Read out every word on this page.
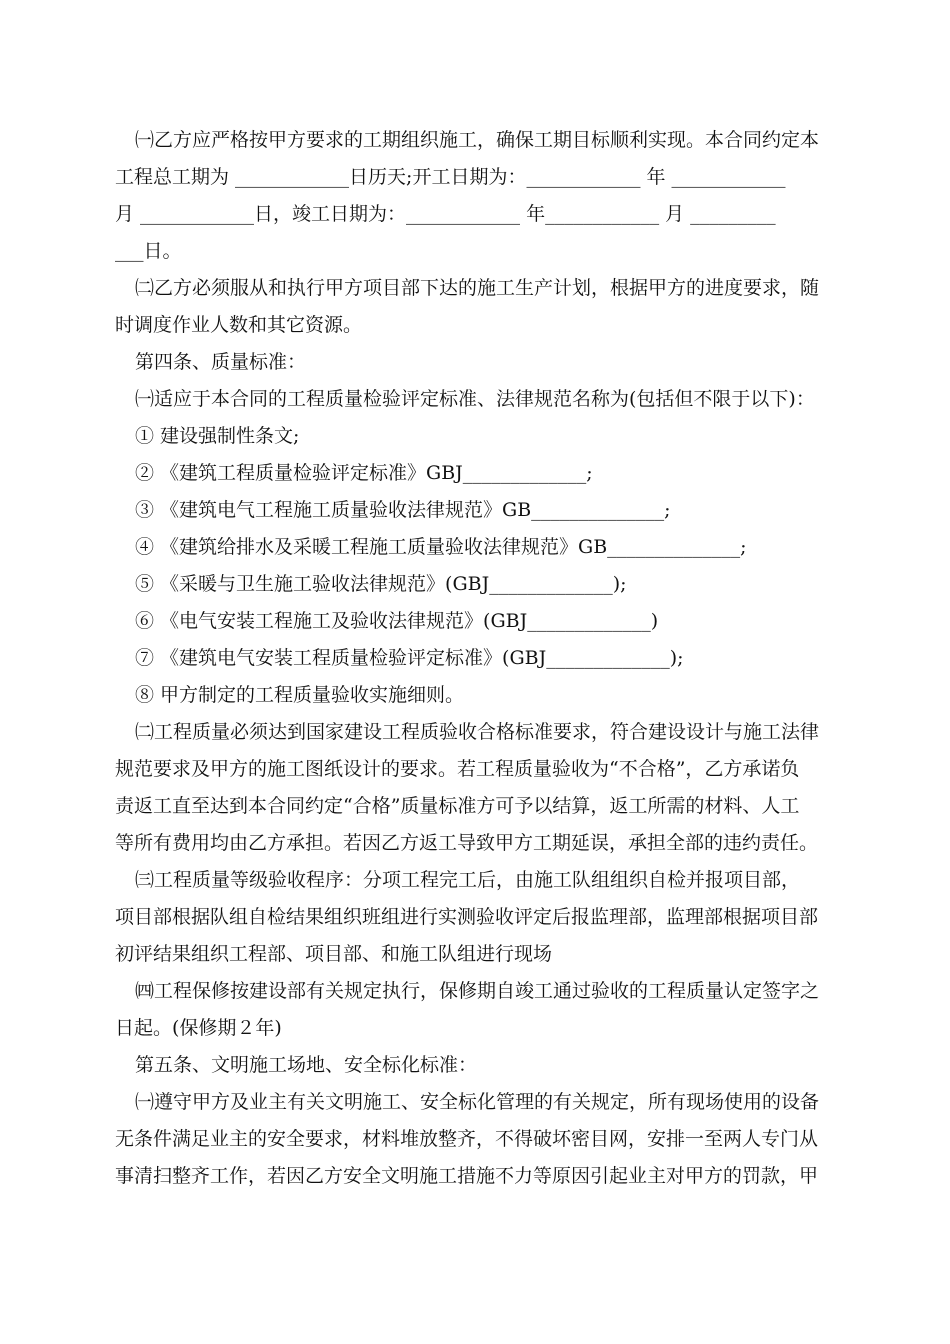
㈠乙方应严格按甲方要求的工期组织施工，确保工期目标顺利实现。本合同约定本
工程总工期为 ____________日历天;开工日期为：____________ 年 ____________
月 ____________日，竣工日期为：____________ 年____________ 月 _________
___日。
㈡乙方必须服从和执行甲方项目部下达的施工生产计划，根据甲方的进度要求，随
时调度作业人数和其它资源。
第四条、质量标准：
㈠适应于本合同的工程质量检验评定标准、法律规范名称为(包括但不限于以下)：
① 建设强制性条文;
② 《建筑工程质量检验评定标准》GBJ_____________;
③ 《建筑电气工程施工质量验收法律规范》GB______________;
④ 《建筑给排水及采暖工程施工质量验收法律规范》GB______________;
⑤ 《采暖与卫生施工验收法律规范》(GBJ_____________);
⑥ 《电气安装工程施工及验收法律规范》(GBJ_____________)
⑦ 《建筑电气安装工程质量检验评定标准》(GBJ_____________);
⑧ 甲方制定的工程质量验收实施细则。
㈡工程质量必须达到国家建设工程质验收合格标准要求，符合建设设计与施工法律
规范要求及甲方的施工图纸设计的要求。若工程质量验收为“不合格”，乙方承诺负
责返工直至达到本合同约定“合格”质量标准方可予以结算，返工所需的材料、人工
等所有费用均由乙方承担。若因乙方返工导致甲方工期延误，承担全部的违约责任。
㈢工程质量等级验收程序：分项工程完工后，由施工队组组织自检并报项目部，
项目部根据队组自检结果组织班组进行实测验收评定后报监理部，监理部根据项目部
初评结果组织工程部、项目部、和施工队组进行现场
㈣工程保修按建设部有关规定执行，保修期自竣工通过验收的工程质量认定签字之
日起。(保修期２年)
第五条、文明施工场地、安全标化标准：
㈠遵守甲方及业主有关文明施工、安全标化管理的有关规定，所有现场使用的设备
无条件满足业主的安全要求，材料堆放整齐，不得破坏密目网，安排一至两人专门从
事清扫整齐工作，若因乙方安全文明施工措施不力等原因引起业主对甲方的罚款，甲
